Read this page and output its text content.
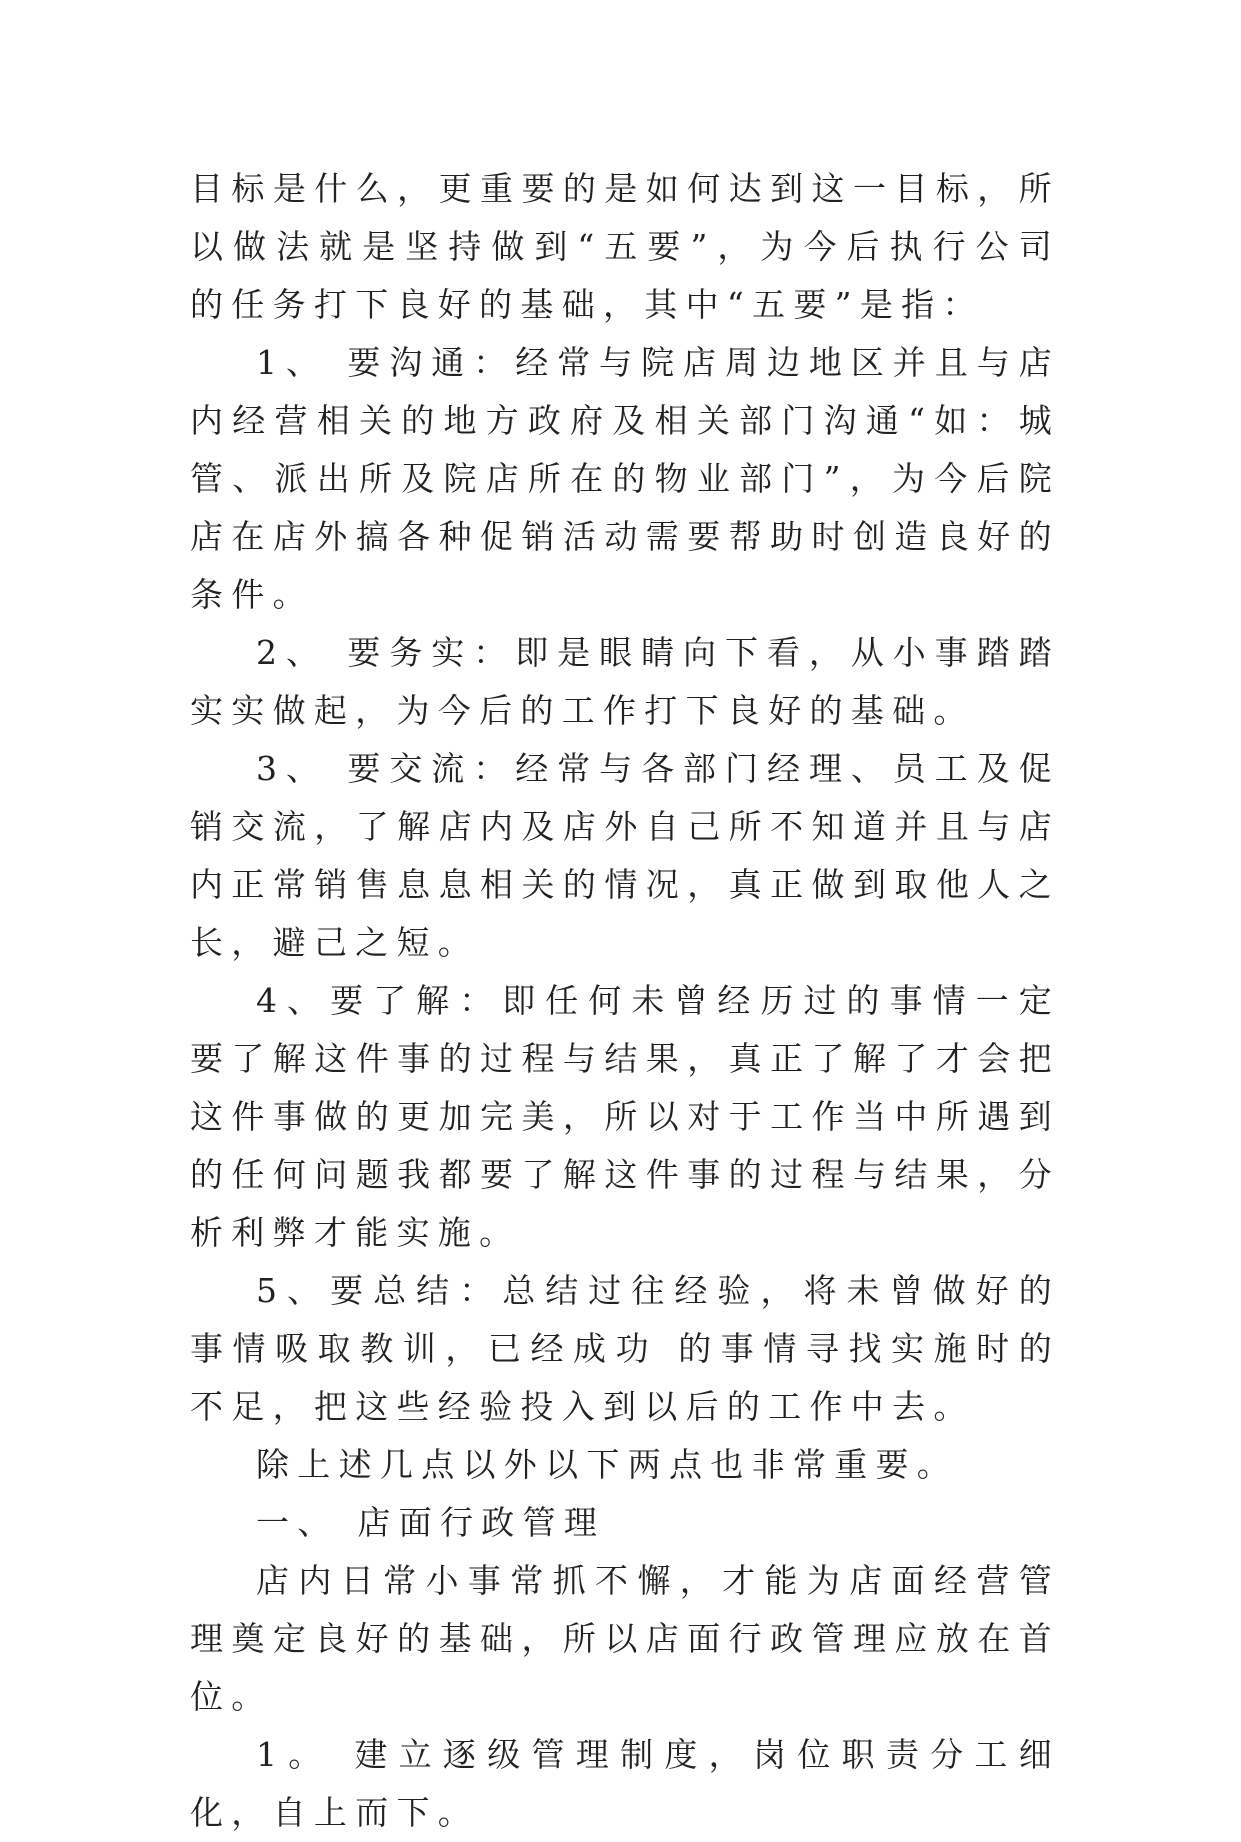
目标是什么，更重要的是如何达到这一目标，所以做法就是坚持做到“五要”，为今后执行公司的任务打下良好的基础，其中“五要”是指：

1、 要沟通：经常与院店周边地区并且与店内经营相关的地方政府及相关部门沟通“如：城管、派出所及院店所在的物业部门”，为今后院店在店外搞各种促销活动需要帮助时创造良好的条件。

2、 要务实：即是眼睛向下看，从小事踏踏实实做起，为今后的工作打下良好的基础。

3、 要交流：经常与各部门经理、员工及促销交流，了解店内及店外自己所不知道并且与店内正常销售息息相关的情况，真正做到取他人之长，避己之短。

4、要了解：即任何未曾经历过的事情一定要了解这件事的过程与结果，真正了解了才会把这件事做的更加完美，所以对于工作当中所遇到的任何问题我都要了解这件事的过程与结果，分析利弊才能实施。

5、要总结：总结过往经验，将未曾做好的事情吸取教训，已经成功 的事情寻找实施时的不足，把这些经验投入到以后的工作中去。

除上述几点以外以下两点也非常重要。

一、 店面行政管理

店内日常小事常抓不懈，才能为店面经营管理奠定良好的基础，所以店面行政管理应放在首位。

1。 建立逐级管理制度，岗位职责分工细化，自上而下。
